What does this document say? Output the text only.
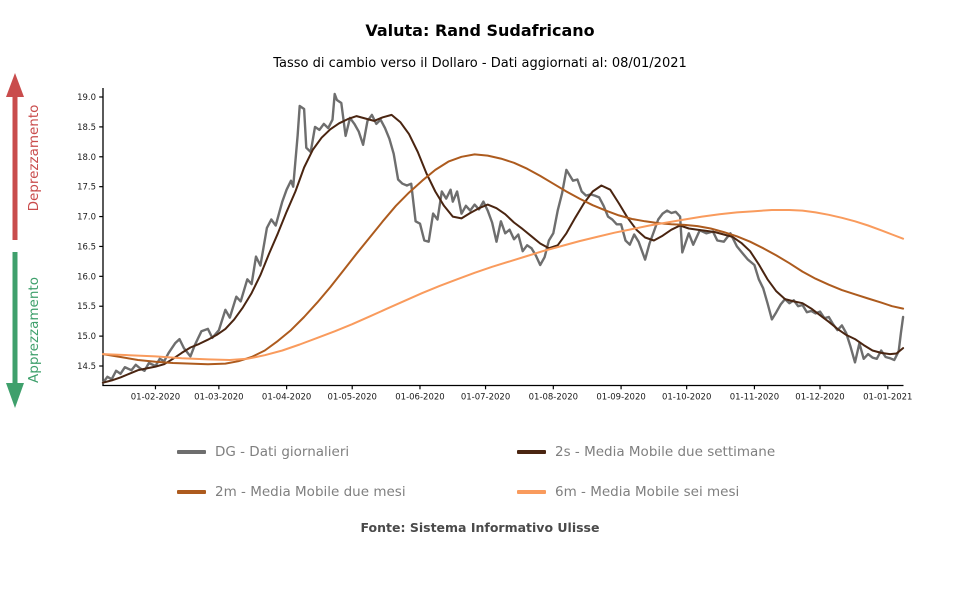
Valuta: Rand Sudafricano
Tasso di cambio verso il Dollaro - Dati aggiornati al: 08/01/2021
14.5
15.0
15.5
16.0
16.5
17.0
17.5
18.0
18.5
19.0
01-02-2020 01-03-2020 01-04-2020 01-05-2020 01-06-2020 01-07-2020 01-08-2020 01-09-2020 01-10-2020 01-11-2020 01-12-2020 01-01-2021
Deprezzamento
Apprezzamento
DG - Dati giornalieri	2s - Media Mobile due settimane
2m - Media Mobile due mesi	6m - Media Mobile sei mesi
Fonte: Sistema Informativo Ulisse
